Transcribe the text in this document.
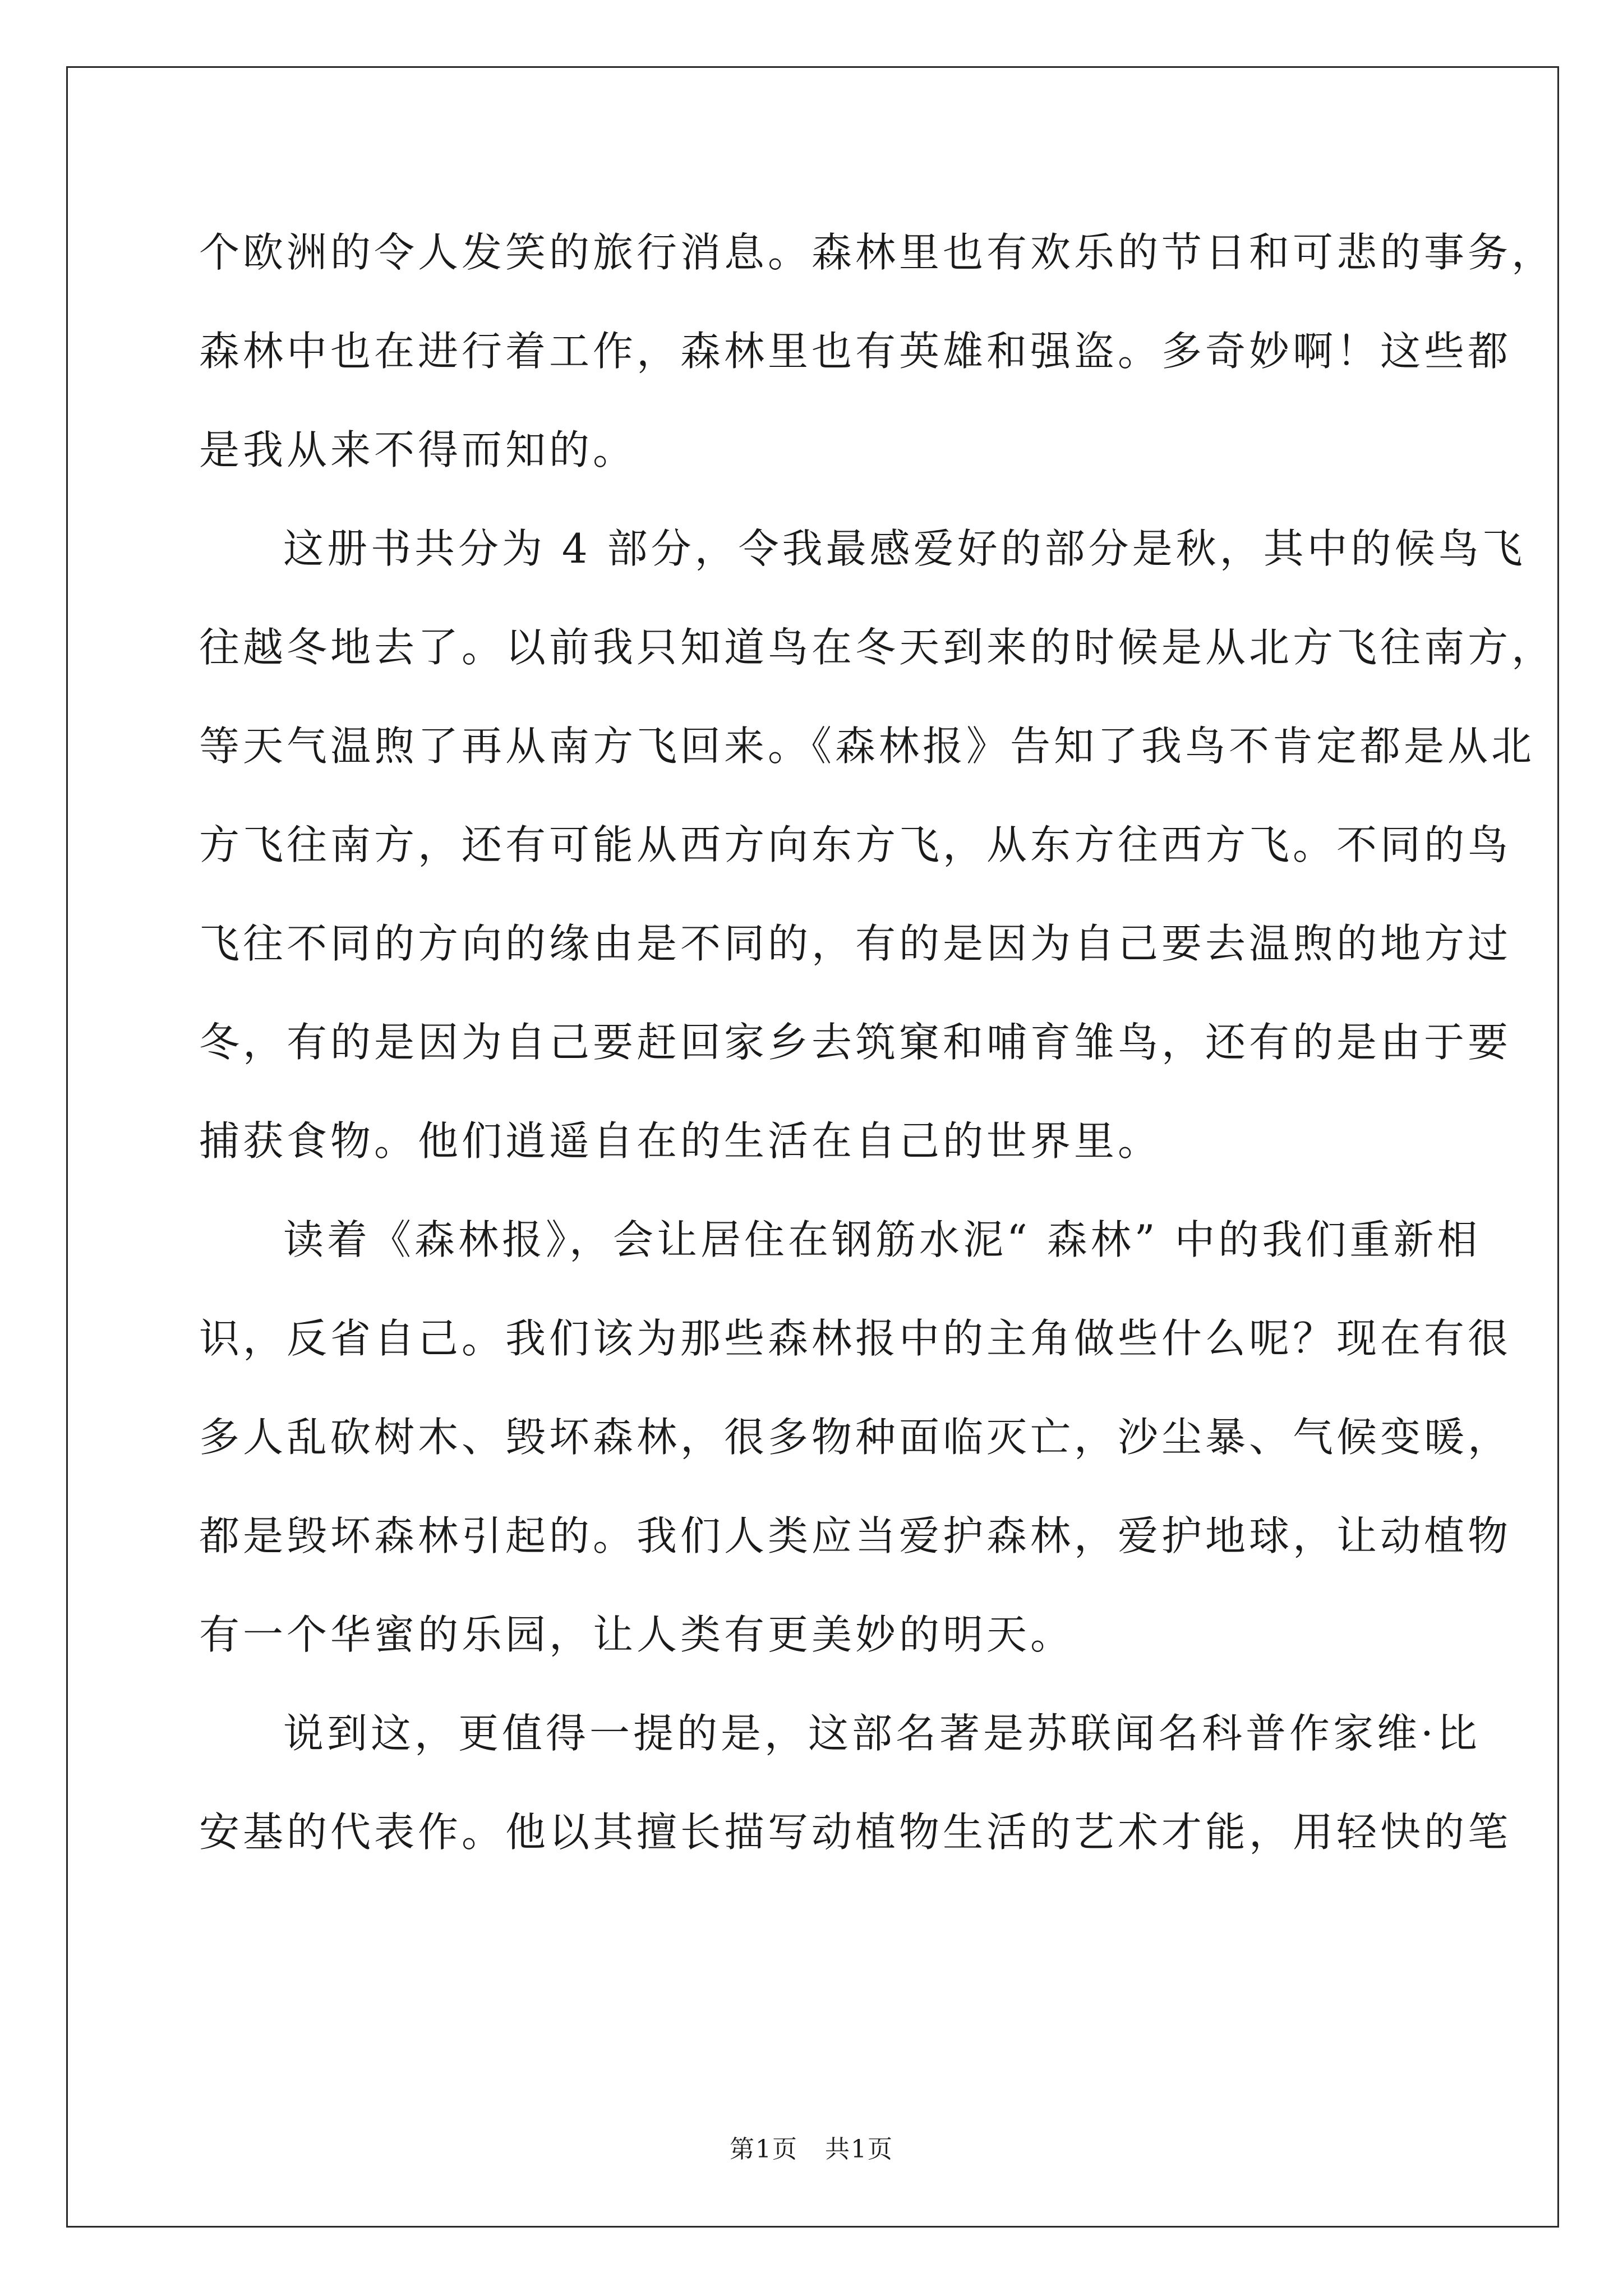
个欧洲的令人发笑的旅行消息。森林里也有欢乐的节日和可悲的事务，
森林中也在进行着工作，森林里也有英雄和强盗。多奇妙啊！这些都
是我从来不得而知的。
这册书共分为 4 部分，令我最感爱好的部分是秋，其中的候鸟飞
往越冬地去了。以前我只知道鸟在冬天到来的时候是从北方飞往南方，
等天气温煦了再从南方飞回来。《森林报》告知了我鸟不肯定都是从北
方飞往南方，还有可能从西方向东方飞，从东方往西方飞。不同的鸟
飞往不同的方向的缘由是不同的，有的是因为自己要去温煦的地方过
冬，有的是因为自己要赶回家乡去筑窠和哺育雏鸟，还有的是由于要
捕获食物。他们逍遥自在的生活在自己的世界里。
读着《森林报》，会让居住在钢筋水泥“ 森林” 中的我们重新相
识，反省自己。我们该为那些森林报中的主角做些什么呢？现在有很
多人乱砍树木、毁坏森林，很多物种面临灭亡，沙尘暴、气候变暖，
都是毁坏森林引起的。我们人类应当爱护森林，爱护地球，让动植物
有一个华蜜的乐园，让人类有更美妙的明天。
说到这，更值得一提的是，这部名著是苏联闻名科普作家维·比
安基的代表作。他以其擅长描写动植物生活的艺术才能，用轻快的笔
第1页   共1页
